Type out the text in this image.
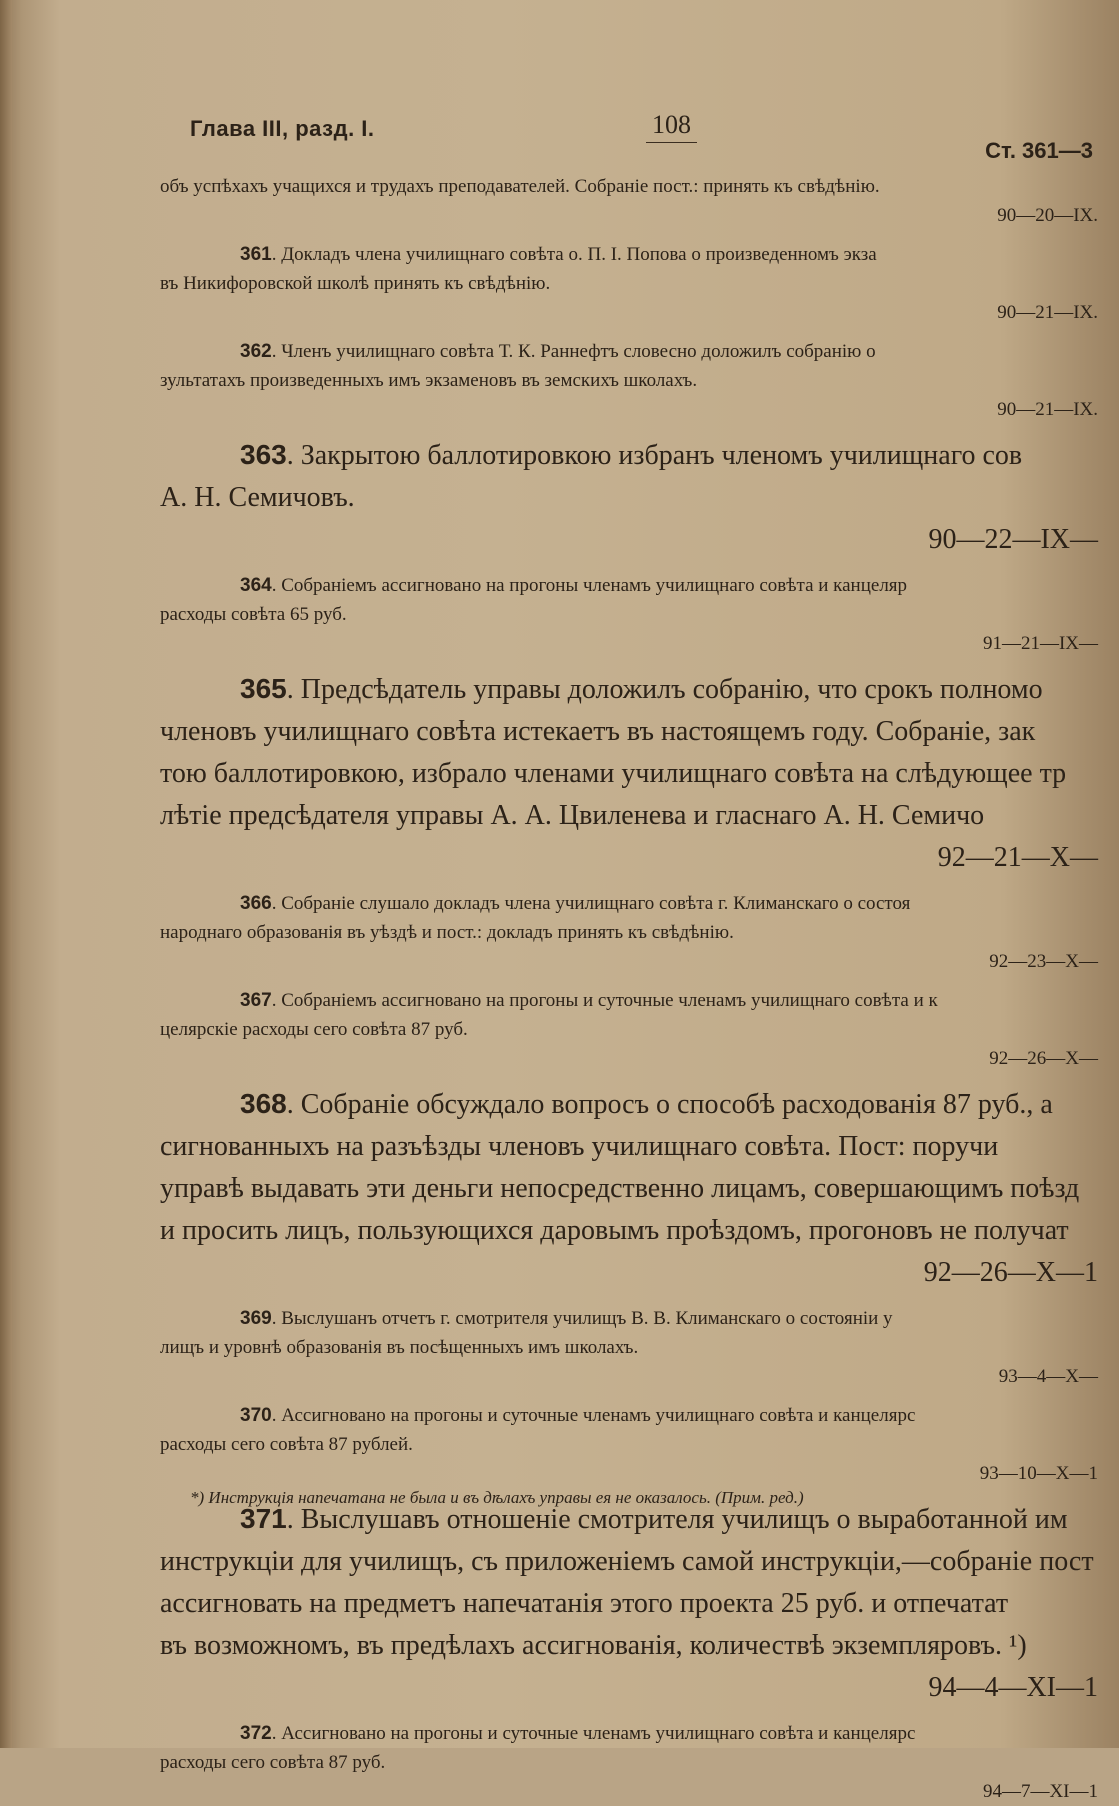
Глава III, разд. I.	108
Ст. 361—3
объ успѣхахъ учащихся и трудахъ преподавателей. Собраніе пост.: принять къ свѣдѣнію.
90—20—IX.
361. Докладъ члена училищнаго совѣта о. П. І. Попова о произведенномъ экза
въ Никифоровской школѣ принять къ свѣдѣнію.
90—21—IX.
362. Членъ училищнаго совѣта Т. К. Раннефтъ словесно доложилъ собранію о
зультатахъ произведенныхъ имъ экзаменовъ въ земскихъ школахъ.
90—21—IX.
363. Закрытою баллотировкою избранъ членомъ училищнаго сов
А. Н. Семичовъ.
90—22—IX—
364. Собраніемъ ассигновано на прогоны членамъ училищнаго совѣта и канцеляр
расходы совѣта 65 руб.
91—21—IX—
365. Предсѣдатель управы доложилъ собранію, что срокъ полномо
членовъ училищнаго совѣта истекаетъ въ настоящемъ году. Собраніе, зак
тою баллотировкою, избрало членами училищнаго совѣта на слѣдующее тр
лѣтіе предсѣдателя управы А. А. Цвиленева и гласнаго А. Н. Семичо
92—21—X—
366. Собраніе слушало докладъ члена училищнаго совѣта г. Климанскаго о состоя
народнаго образованія въ уѣздѣ и пост.: докладъ принять къ свѣдѣнію.
92—23—X—
367. Собраніемъ ассигновано на прогоны и суточные членамъ училищнаго совѣта и к
целярскіе расходы сего совѣта 87 руб.
92—26—X—
368. Собраніе обсуждало вопросъ о способѣ расходованія 87 руб., а
сигнованныхъ на разъѣзды членовъ училищнаго совѣта. Пост: поручи
управѣ выдавать эти деньги непосредственно лицамъ, совершающимъ поѣзд
и просить лицъ, пользующихся даровымъ проѣздомъ, прогоновъ не получат
92—26—X—1
369. Выслушанъ отчетъ г. смотрителя училищъ В. В. Климанскаго о состояніи у
лищъ и уровнѣ образованія въ посѣщенныхъ имъ школахъ.
93—4—X—
370. Ассигновано на прогоны и суточные членамъ училищнаго совѣта и канцелярс
расходы сего совѣта 87 рублей.
93—10—X—1
371. Выслушавъ отношеніе смотрителя училищъ о выработанной им
инструкціи для училищъ, съ приложеніемъ самой инструкціи,—собраніе пост
ассигновать на предметъ напечатанія этого проекта 25 руб. и отпечатат
въ возможномъ, въ предѣлахъ ассигнованія, количествѣ экземпляровъ. ¹)
94—4—XI—1
372. Ассигновано на прогоны и суточные членамъ училищнаго совѣта и канцелярс
расходы сего совѣта 87 руб.
94—7—XI—1
*) Инструкція напечатана не была и въ дѣлахъ управы ея не оказалось. (Прим. ред.)
